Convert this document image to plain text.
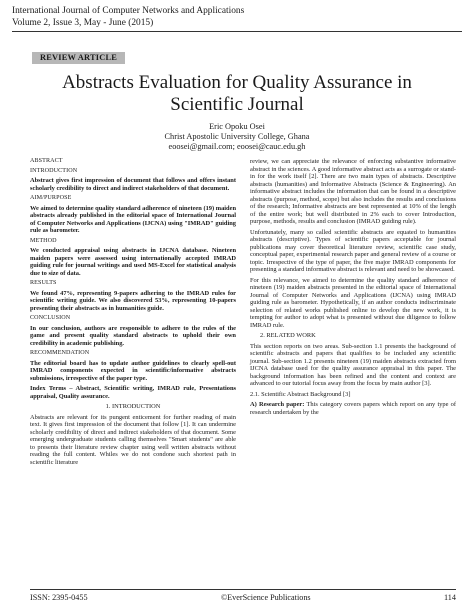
International Journal of Computer Networks and Applications
Volume 2, Issue 3, May - June (2015)
REVIEW ARTICLE
Abstracts Evaluation for Quality Assurance in
Scientific Journal
Eric Opoku Osei
Christ Apostolic University College, Ghana
eoosei@gmail.com; eoosei@cauc.edu.gh
ABSTRACT
INTRODUCTION
Abstract gives first impression of document that follows and offers instant scholarly credibility to direct and indirect stakeholders of that document.
AIM/PURPOSE
We aimed to determine quality standard adherence of nineteen (19) maiden abstracts already published in the editorial space of International Journal of Computer Networks and Applications (IJCNA) using "IMRAD" guiding rule as barometer.
METHOD
We conducted appraisal using abstracts in IJCNA database. Nineteen maiden papers were assessed using internationally accepted IMRAD guiding rule for journal writings and used MS-Excel for statistical analysis due to size of data.
RESULTS
We found 47%, representing 9-papers adhering to the IMRAD rules for scientific writing guide. We also discovered 53%, representing 10-papers presenting their abstracts as in humanities guide.
CONCLUSION
In our conclusion, authors are responsible to adhere to the rules of the game and present quality standard abstracts to uphold their own credibility in academic publishing.
RECOMMENDATION
The editorial board has to update author guidelines to clearly spell-out IMRAD components expected in scientific/informative abstracts submissions, irrespective of the paper type.
Index Terms – Abstract, Scientific writing, IMRAD rule, Presentations appraisal, Quality assurance.
1. INTRODUCTION
Abstracts are relevant for its pungent enticement for further reading of main text. It gives first impression of the document that follow [1]. It can undermine scholarly credibility of direct and indirect stakeholders of that document. Some emerging undergraduate students calling themselves "Smart students" are able to presents their literature review chapter using well written abstracts without reading the full content. Whiles we do not condone such shortest path in scientific literature
review, we can appreciate the relevance of enforcing substantive informative abstract in the sciences. A good informative abstract acts as a surrogate or stand-in for the work itself [2]. There are two main types of abstracts. Descriptive abstracts (humanities) and Informative Abstracts (Science & Engineering). An informative abstract includes the information that can be found in a descriptive abstracts (purpose, method, scope) but also includes the results and conclusions of the research; Informative abstracts are best represented at 10% of the length of the entire work; but well distributed in 2% each to cover Introduction, purpose, methods, results and conclusion (IMRAD guiding rule).
Unfortunately, many so called scientific abstracts are equated to humanities abstracts (descriptive). Types of scientific papers acceptable for journal publications may cover theoretical literature review, scientific case study, conceptual paper, experimental research paper and general review of a course or topic. Irrespective of the type of paper, the five major IMRAD components for presenting a standard informative abstract is relevant and need to be showcased.
For this relevance, we aimed to determine the quality standard adherence of nineteen (19) maiden abstracts presented in the editorial space of International Journal of Computer Networks and Applications (IJCNA) using IMRAD guiding rule as barometer. Hypothetically, if an author conducts indiscriminate selection of related works published online to develop the new work, it is tempting for author to adopt what is presented without due diligence to follow IMRAD rule.
2. RELATED WORK
This section reports on two areas. Sub-section 1.1 presents the background of scientific abstracts and papers that qualifies to be included any scientific journal. Sub-section 1.2 presents nineteen (19) maiden abstracts extracted from IJCNA database used for the quality assurance appraisal in this paper. The background information has been refined and the content and context are advanced to our tutorial focus away from the focus by main author [3].
2.1. Scientific Abstract Background [3]
A) Research paper: This category covers papers which report on any type of research undertaken by the
ISSN: 2395-0455	©EverScience Publications	114
